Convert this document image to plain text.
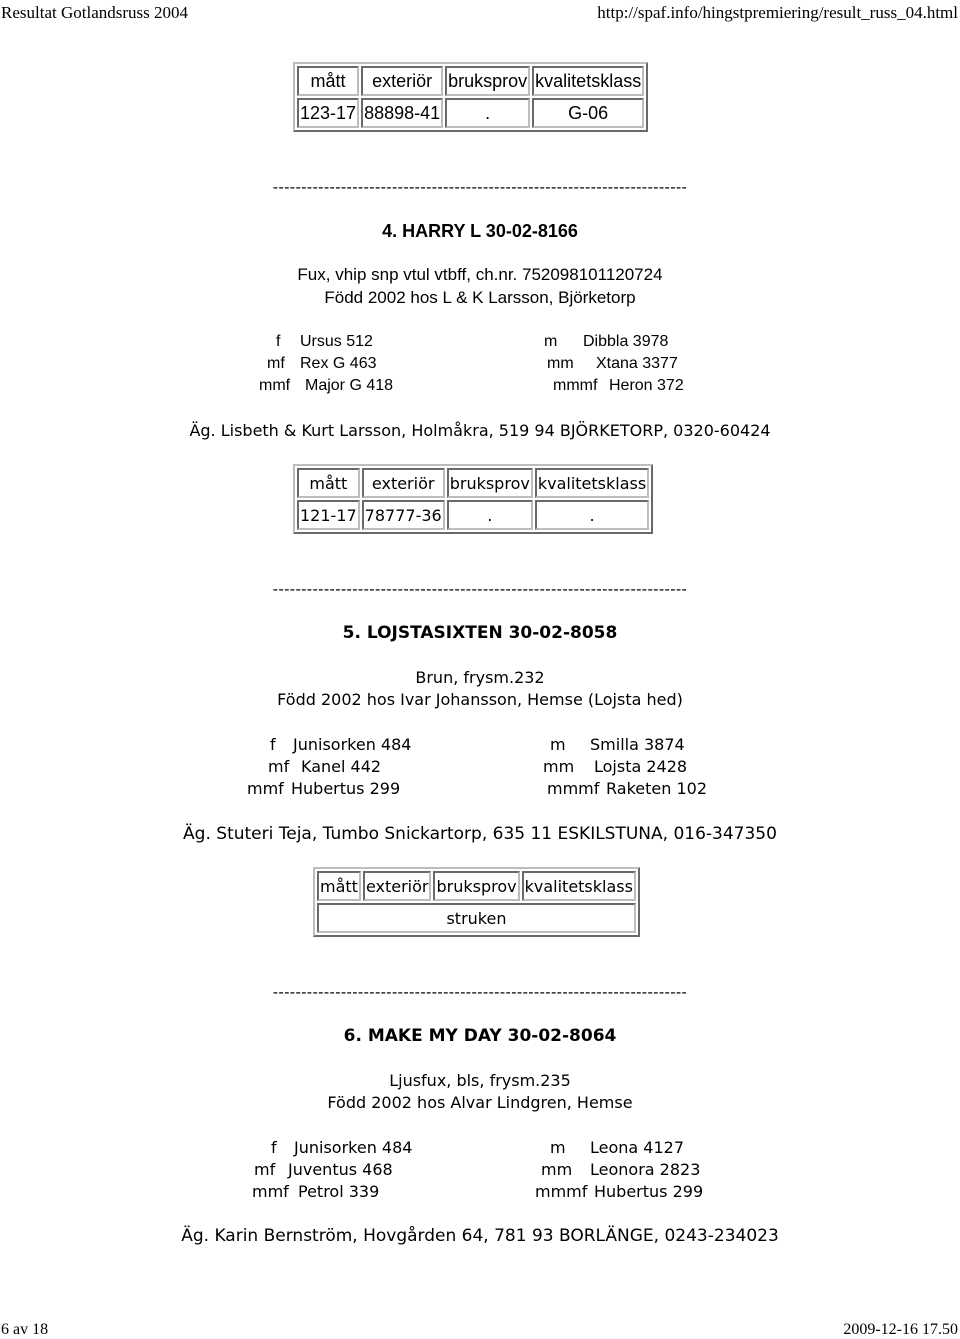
Resultat Gotlandsruss 2004	http://spaf.info/hingstpremiering/result_russ_04.html
mått	exteriör	bruksprov	kvalitetsklass
123-17	88898-41	.	G-06
-------------------------------------------------------------------------
4. HARRY L 30-02-8166
Fux, vhip snp vtul vtbff, ch.nr. 752098101120724
Född 2002 hos L & K Larsson, Björketorp
f Ursus 512	m Dibbla 3978
mf Rex G 463	mm Xtana 3377
mmf Major G 418	mmmf Heron 372
Äg. Lisbeth & Kurt Larsson, Holmåkra, 519 94 BJÖRKETORP, 0320-60424
mått	exteriör	bruksprov	kvalitetsklass
121-17	78777-36	.	.
-------------------------------------------------------------------------
5. LOJSTASIXTEN 30-02-8058
Brun, frysm.232
Född 2002 hos Ivar Johansson, Hemse (Lojsta hed)
f Junisorken 484	m Smilla 3874
mf Kanel 442	mm Lojsta 2428
mmf Hubertus 299	mmmf Raketen 102
Äg. Stuteri Teja, Tumbo Snickartorp, 635 11 ESKILSTUNA, 016-347350
mått	exteriör	bruksprov	kvalitetsklass
struken
-------------------------------------------------------------------------
6. MAKE MY DAY 30-02-8064
Ljusfux, bls, frysm.235
Född 2002 hos Alvar Lindgren, Hemse
f Junisorken 484	m Leona 4127
mf Juventus 468	mm Leonora 2823
mmf Petrol 339	mmmf Hubertus 299
Äg. Karin Bernström, Hovgården 64, 781 93 BORLÄNGE, 0243-234023
6 av 18	2009-12-16 17.50
